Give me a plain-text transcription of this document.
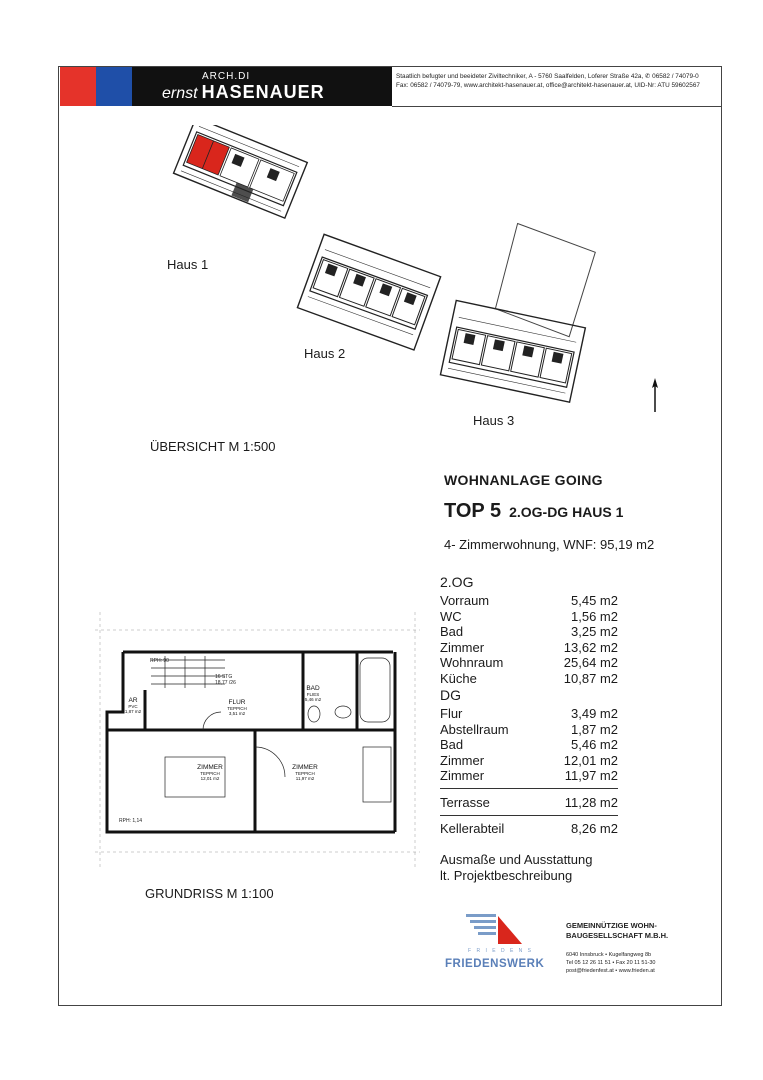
ARCH.DI
ernst HASENAUER
Staatlich befugter und beeideter Ziviltechniker, A - 5760 Saalfelden, Loferer Straße 42a, ✆ 06582 / 74079-0
Fax: 06582 / 74079-79, www.architekt-hasenauer.at, office@architekt-hasenauer.at, UID-Nr: ATU 59602567
Haus 1
Haus 2
Haus 3
ÜBERSICHT M 1:500
WOHNANLAGE GOING
TOP 5 2.OG-DG HAUS 1
4- Zimmerwohnung, WNF: 95,19 m2
2.OG
Vorraum	5,45 m2
WC	1,56 m2
Bad	3,25 m2
Zimmer	13,62 m2
Wohnraum	25,64 m2
Küche	10,87 m2
DG
Flur	3,49 m2
Abstellraum	1,87 m2
Bad	5,46 m2
Zimmer	12,01 m2
Zimmer	11,97 m2
Terrasse	11,28 m2
Kellerabteil	8,26 m2
Ausmaße und Ausstattung
lt. Projektbeschreibung
RPH: 90
16 STG
18,77 /26
RPH: 1,14
AR
PVC
1,87 m2
FLUR
TEPPICH
3,51 m2
BAD
FLIES
5,46 m2
ZIMMER
TEPPICH
12,01 m2
ZIMMER
TEPPICH
11,97 m2
GRUNDRISS M 1:100
F R I E D E N S
FRIEDENSWERK
GEMEINNÜTZIGE WOHN-
BAUGESELLSCHAFT M.B.H.
6040 Innsbruck • Kugelfangweg 8b
Tel 05 12 26 11 51 • Fax 20 11 51-30
post@friedenfest.at • www.frieden.at
